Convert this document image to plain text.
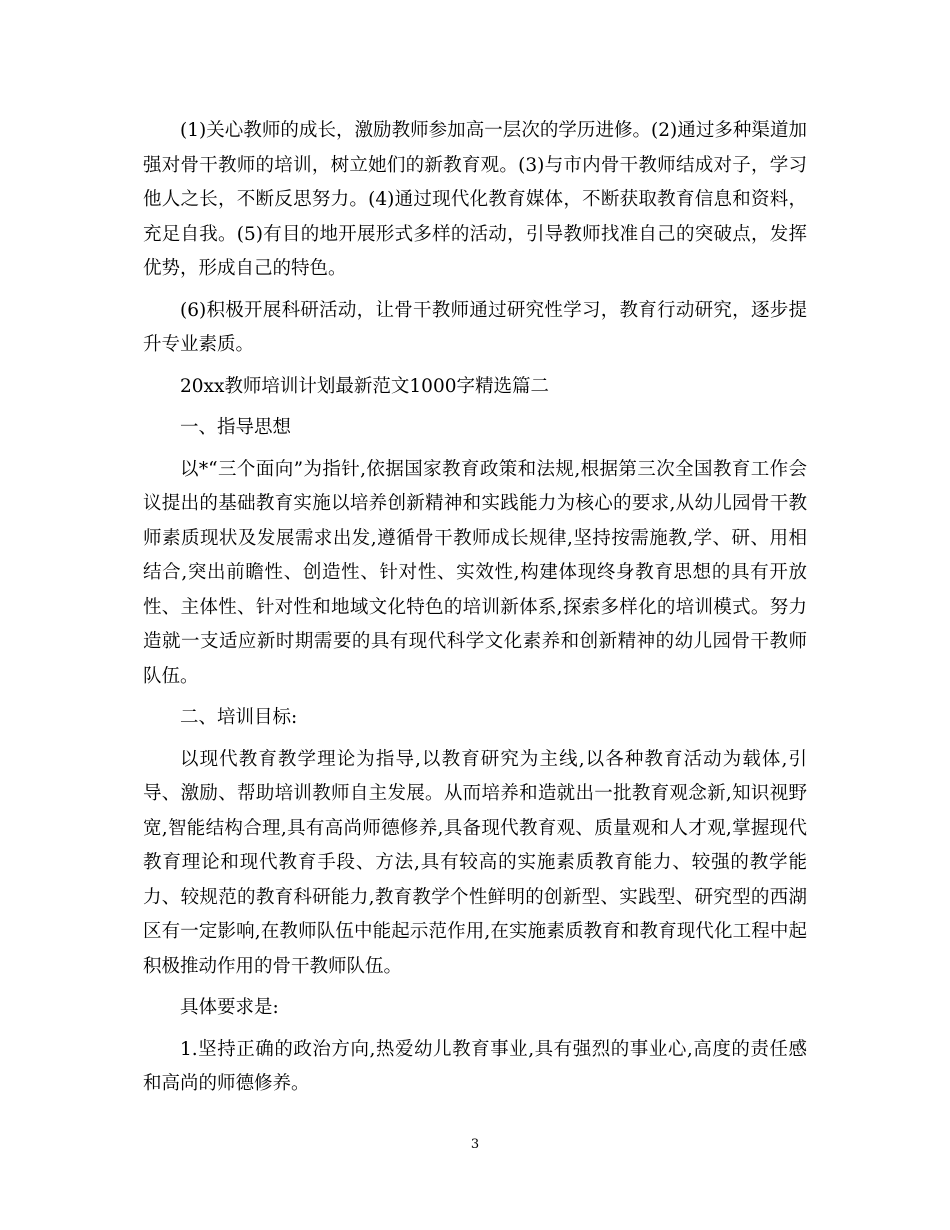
(1)关心教师的成长，激励教师参加高一层次的学历进修。(2)通过多种渠道加强对骨干教师的培训，树立她们的新教育观。(3)与市内骨干教师结成对子，学习他人之长，不断反思努力。(4)通过现代化教育媒体，不断获取教育信息和资料，充足自我。(5)有目的地开展形式多样的活动，引导教师找准自己的突破点，发挥优势，形成自己的特色。

(6)积极开展科研活动，让骨干教师通过研究性学习，教育行动研究，逐步提升专业素质。

20xx教师培训计划最新范文1000字精选篇二

一、指导思想

以*“三个面向”为指针,依据国家教育政策和法规,根据第三次全国教育工作会议提出的基础教育实施以培养创新精神和实践能力为核心的要求,从幼儿园骨干教师素质现状及发展需求出发,遵循骨干教师成长规律,坚持按需施教,学、研、用相结合,突出前瞻性、创造性、针对性、实效性,构建体现终身教育思想的具有开放性、主体性、针对性和地域文化特色的培训新体系,探索多样化的培训模式。努力造就一支适应新时期需要的具有现代科学文化素养和创新精神的幼儿园骨干教师队伍。

二、培训目标:

以现代教育教学理论为指导,以教育研究为主线,以各种教育活动为载体,引导、激励、帮助培训教师自主发展。从而培养和造就出一批教育观念新,知识视野宽,智能结构合理,具有高尚师德修养,具备现代教育观、质量观和人才观,掌握现代教育理论和现代教育手段、方法,具有较高的实施素质教育能力、较强的教学能力、较规范的教育科研能力,教育教学个性鲜明的创新型、实践型、研究型的西湖区有一定影响,在教师队伍中能起示范作用,在实施素质教育和教育现代化工程中起积极推动作用的骨干教师队伍。

具体要求是:

1.坚持正确的政治方向,热爱幼儿教育事业,具有强烈的事业心,高度的责任感和高尚的师德修养。

3
